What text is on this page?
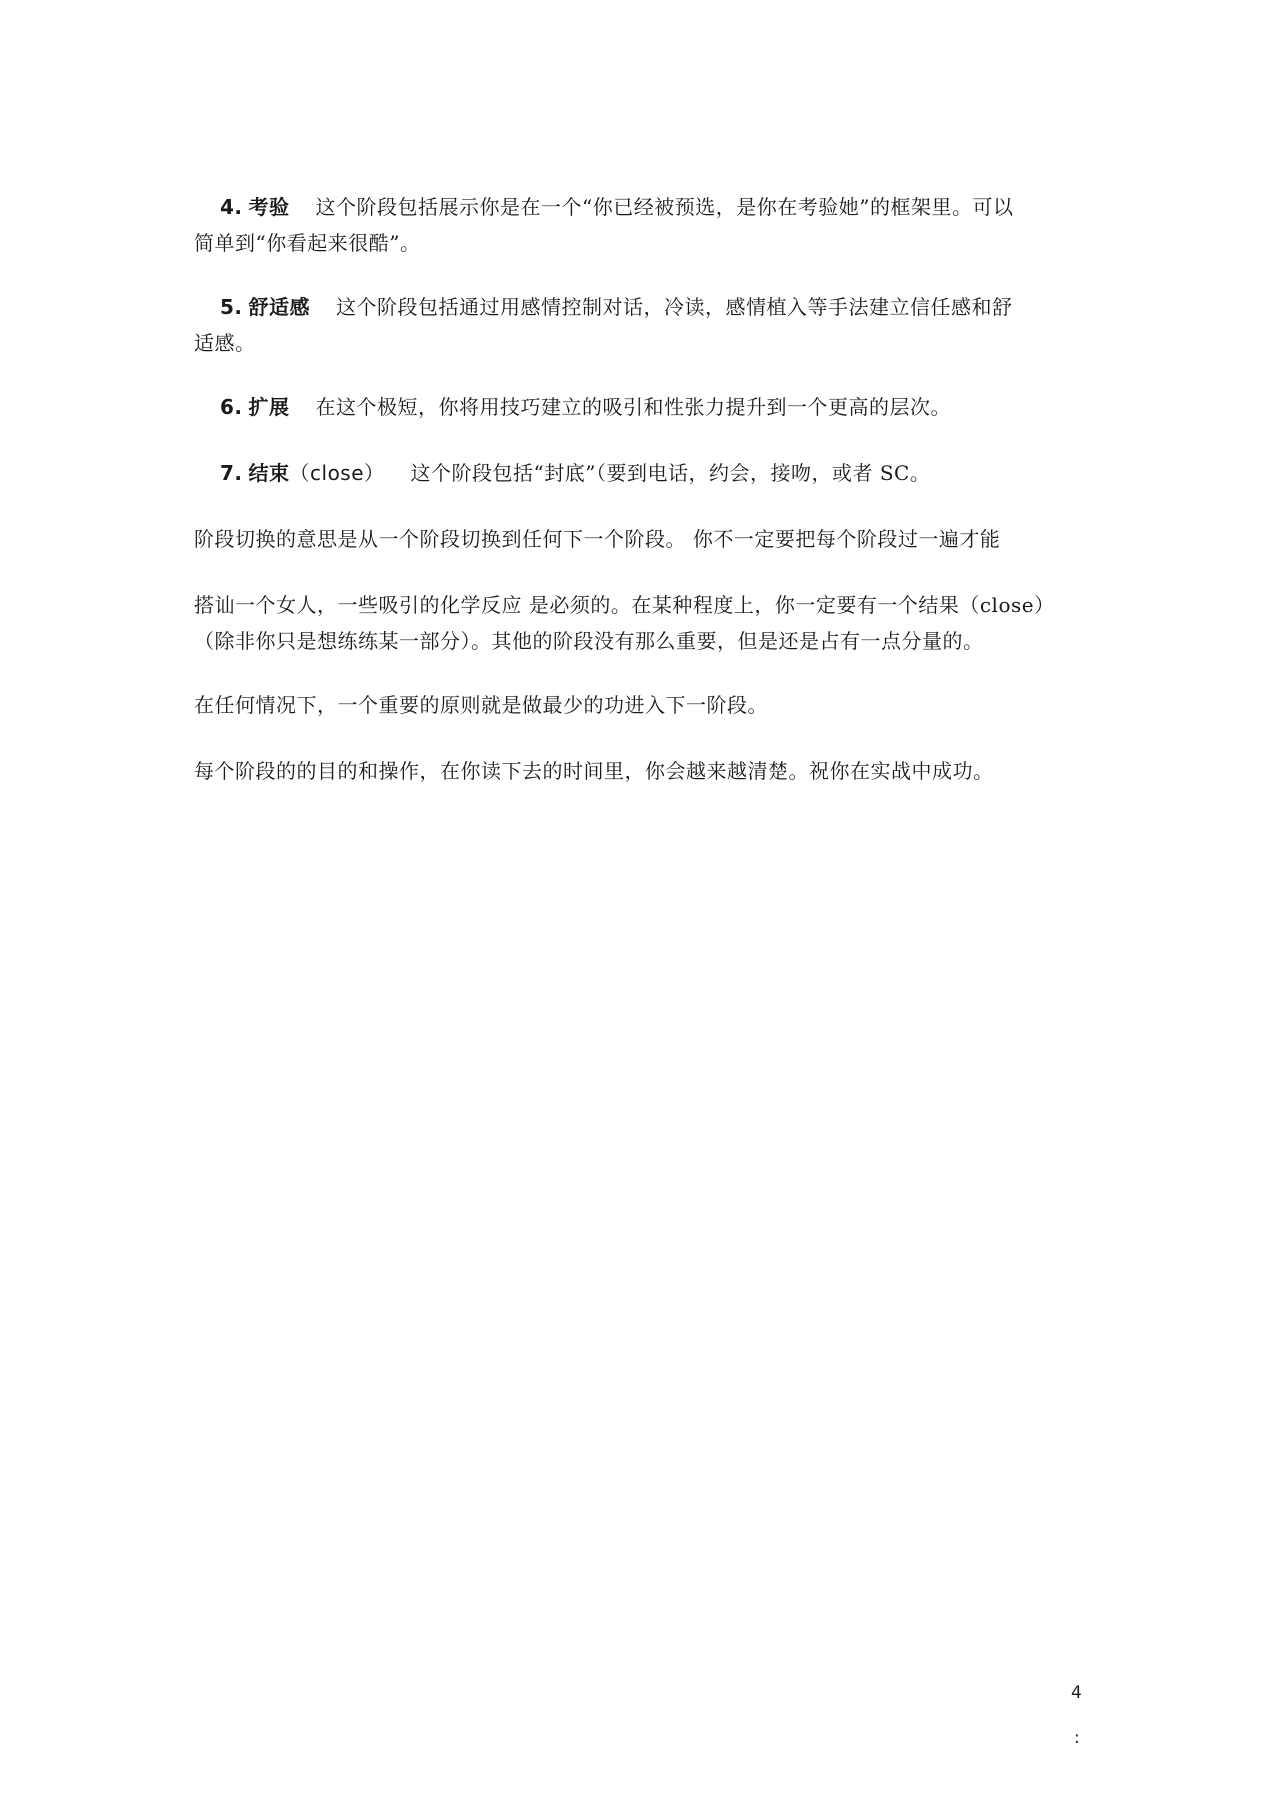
4. 考验 这个阶段包括展示你是在一个“你已经被预选，是你在考验她”的框架里。可以
简单到“你看起来很酷”。
5. 舒适感 这个阶段包括通过用感情控制对话，冷读，感情植入等手法建立信任感和舒
适感。
6. 扩展 在这个极短，你将用技巧建立的吸引和性张力提升到一个更高的层次。
7. 结束（close） 这个阶段包括“封底”（要到电话，约会，接吻，或者 SC。
阶段切换的意思是从一个阶段切换到任何下一个阶段。 你不一定要把每个阶段过一遍才能
搭讪一个女人，一些吸引的化学反应 是必须的。在某种程度上，你一定要有一个结果（close）
（除非你只是想练练某一部分）。其他的阶段没有那么重要，但是还是占有一点分量的。
在任何情况下，一个重要的原则就是做最少的功进入下一阶段。
每个阶段的的目的和操作，在你读下去的时间里，你会越来越清楚。祝你在实战中成功。
4
:
